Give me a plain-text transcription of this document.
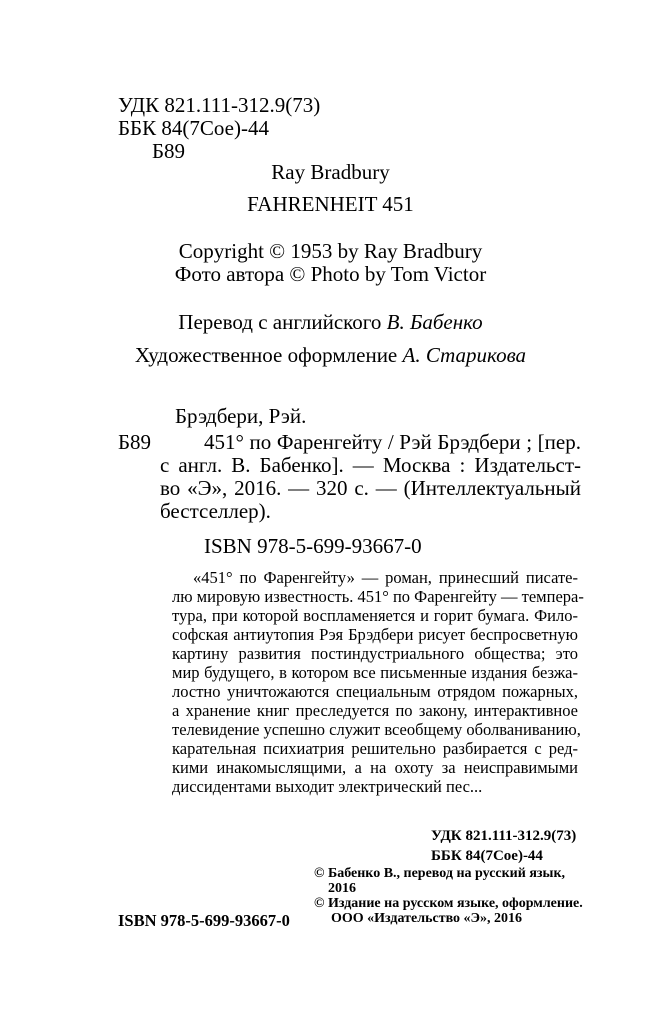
УДК 821.111-312.9(73)
ББК 84(7Сое)-44
Б89
Ray Bradbury
FAHRENHEIT 451
Copyright © 1953 by Ray Bradbury
Фото автора © Photo by Tom Victor
Перевод с английского В. Бабенко
Художественное оформление А. Старикова
Брэдбери, Рэй.
Б89	451° по Фаренгейту / Рэй Брэдбери ; [пер.
с англ. В. Бабенко]. — Москва : Издательст-
во «Э», 2016. — 320 с. — (Интеллектуальный
бестселлер).
ISBN 978-5-699-93667-0
«451° по Фаренгейту» — роман, принесший писате-
лю мировую известность. 451° по Фаренгейту — темпера-
тура, при которой воспламеняется и горит бумага. Фило-
софская антиутопия Рэя Брэдбери рисует беспросветную
картину развития постиндустриального общества; это
мир будущего, в котором все письменные издания безжа-
лостно уничтожаются специальным отрядом пожарных,
а хранение книг преследуется по закону, интерактивное
телевидение успешно служит всеобщему оболваниванию,
карательная психиатрия решительно разбирается с ред-
кими инакомыслящими, а на охоту за неисправимыми
диссидентами выходит электрический пес...
УДК 821.111-312.9(73)
ББК 84(7Сое)-44
© Бабенко В., перевод на русский язык,
2016
© Издание на русском языке, оформление.
ООО «Издательство «Э», 2016
ISBN 978-5-699-93667-0
